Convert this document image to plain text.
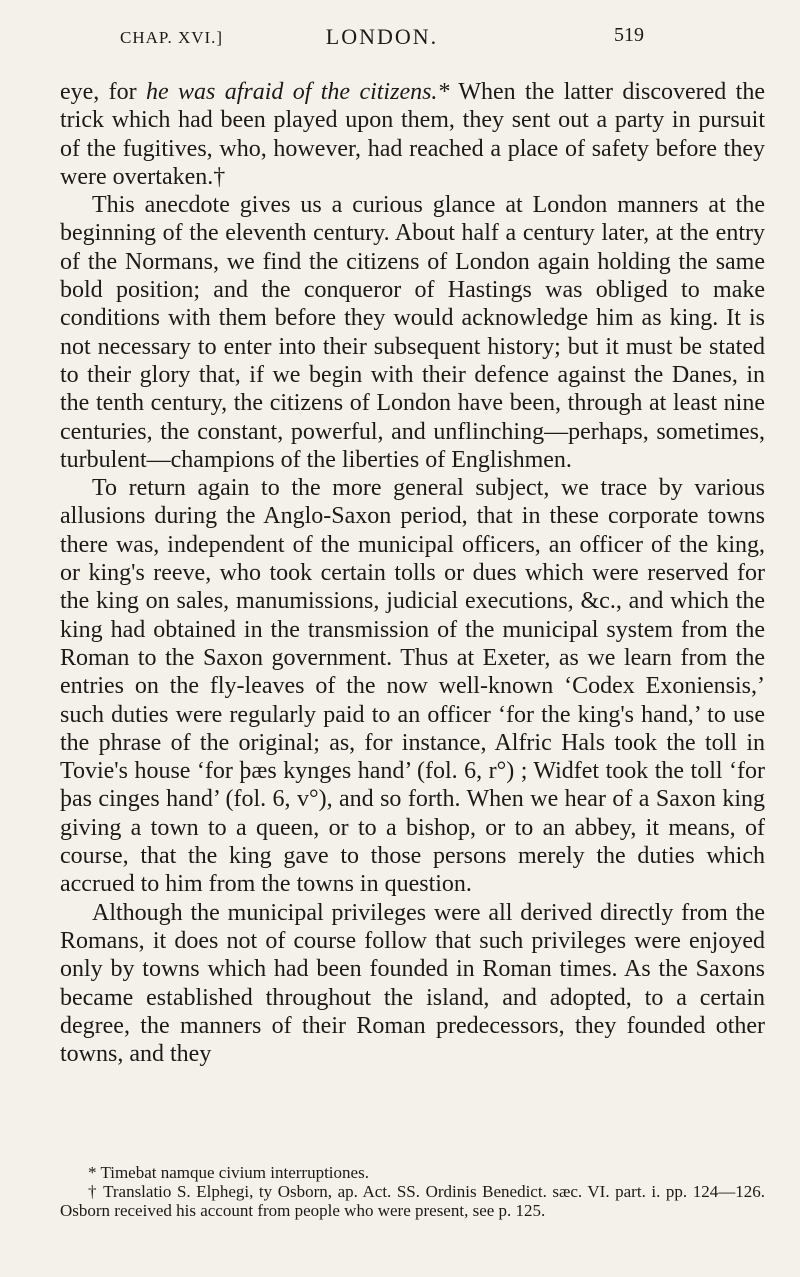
CHAP. XVI.]	LONDON.	519

eye, for he was afraid of the citizens.* When the latter discovered the trick which had been played upon them, they sent out a party in pursuit of the fugitives, who, however, had reached a place of safety before they were overtaken.†

This anecdote gives us a curious glance at London manners at the beginning of the eleventh century. About half a century later, at the entry of the Normans, we find the citizens of London again holding the same bold position; and the conqueror of Hastings was obliged to make conditions with them before they would acknowledge him as king. It is not necessary to enter into their subsequent history; but it must be stated to their glory that, if we begin with their defence against the Danes, in the tenth century, the citizens of London have been, through at least nine centuries, the constant, powerful, and unflinching—perhaps, sometimes, turbulent—champions of the liberties of Englishmen.

To return again to the more general subject, we trace by various allusions during the Anglo-Saxon period, that in these corporate towns there was, independent of the municipal officers, an officer of the king, or king's reeve, who took certain tolls or dues which were reserved for the king on sales, manumissions, judicial executions, &c., and which the king had obtained in the transmission of the municipal system from the Roman to the Saxon government. Thus at Exeter, as we learn from the entries on the fly-leaves of the now well-known ‘Codex Exoniensis,’ such duties were regularly paid to an officer ‘for the king's hand,’ to use the phrase of the original; as, for instance, Alfric Hals took the toll in Tovie's house ‘for þæs kynges hand’ (fol. 6, r°) ; Widfet took the toll ‘for þas cinges hand’ (fol. 6, v°), and so forth. When we hear of a Saxon king giving a town to a queen, or to a bishop, or to an abbey, it means, of course, that the king gave to those persons merely the duties which accrued to him from the towns in question.

Although the municipal privileges were all derived directly from the Romans, it does not of course follow that such privileges were enjoyed only by towns which had been founded in Roman times. As the Saxons became established throughout the island, and adopted, to a certain degree, the manners of their Roman predecessors, they founded other towns, and they

* Timebat namque civium interruptiones.

† Translatio S. Elphegi, ty Osborn, ap. Act. SS. Ordinis Benedict. sæc. VI. part. i. pp. 124—126. Osborn received his account from people who were present, see p. 125.
